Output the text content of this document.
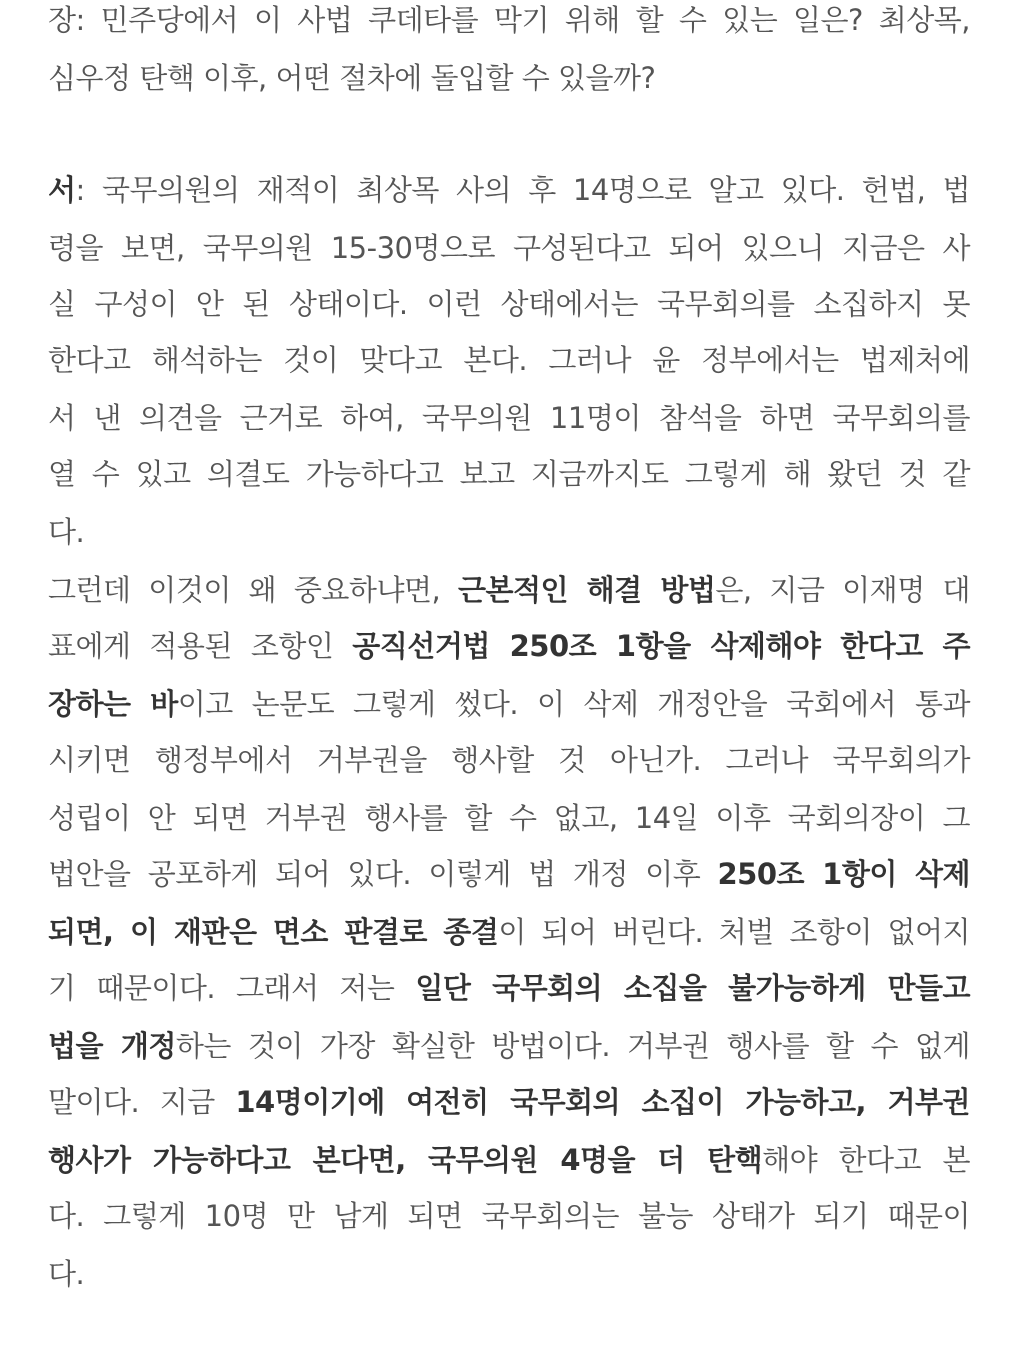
장: 민주당에서 이 사법 쿠데타를 막기 위해 할 수 있는 일은? 최상목,
심우정 탄핵 이후, 어떤 절차에 돌입할 수 있을까?
서: 국무의원의 재적이 최상목 사의 후 14명으로 알고 있다. 헌법, 법
령을 보면, 국무의원 15-30명으로 구성된다고 되어 있으니 지금은 사
실 구성이 안 된 상태이다. 이런 상태에서는 국무회의를 소집하지 못
한다고 해석하는 것이 맞다고 본다. 그러나 윤 정부에서는 법제처에
서 낸 의견을 근거로 하여, 국무의원 11명이 참석을 하면 국무회의를
열 수 있고 의결도 가능하다고 보고 지금까지도 그렇게 해 왔던 것 같
다.
그런데 이것이 왜 중요하냐면, 근본적인 해결 방법은, 지금 이재명 대
표에게 적용된 조항인 공직선거법 250조 1항을 삭제해야 한다고 주
장하는 바이고 논문도 그렇게 썼다. 이 삭제 개정안을 국회에서 통과
시키면 행정부에서 거부권을 행사할 것 아닌가. 그러나 국무회의가
성립이 안 되면 거부권 행사를 할 수 없고, 14일 이후 국회의장이 그
법안을 공포하게 되어 있다. 이렇게 법 개정 이후 250조 1항이 삭제
되면, 이 재판은 면소 판결로 종결이 되어 버린다. 처벌 조항이 없어지
기 때문이다. 그래서 저는 일단 국무회의 소집을 불가능하게 만들고
법을 개정하는 것이 가장 확실한 방법이다. 거부권 행사를 할 수 없게
말이다. 지금 14명이기에 여전히 국무회의 소집이 가능하고, 거부권
행사가 가능하다고 본다면, 국무의원 4명을 더 탄핵해야 한다고 본
다. 그렇게 10명 만 남게 되면 국무회의는 불능 상태가 되기 때문이
다.
